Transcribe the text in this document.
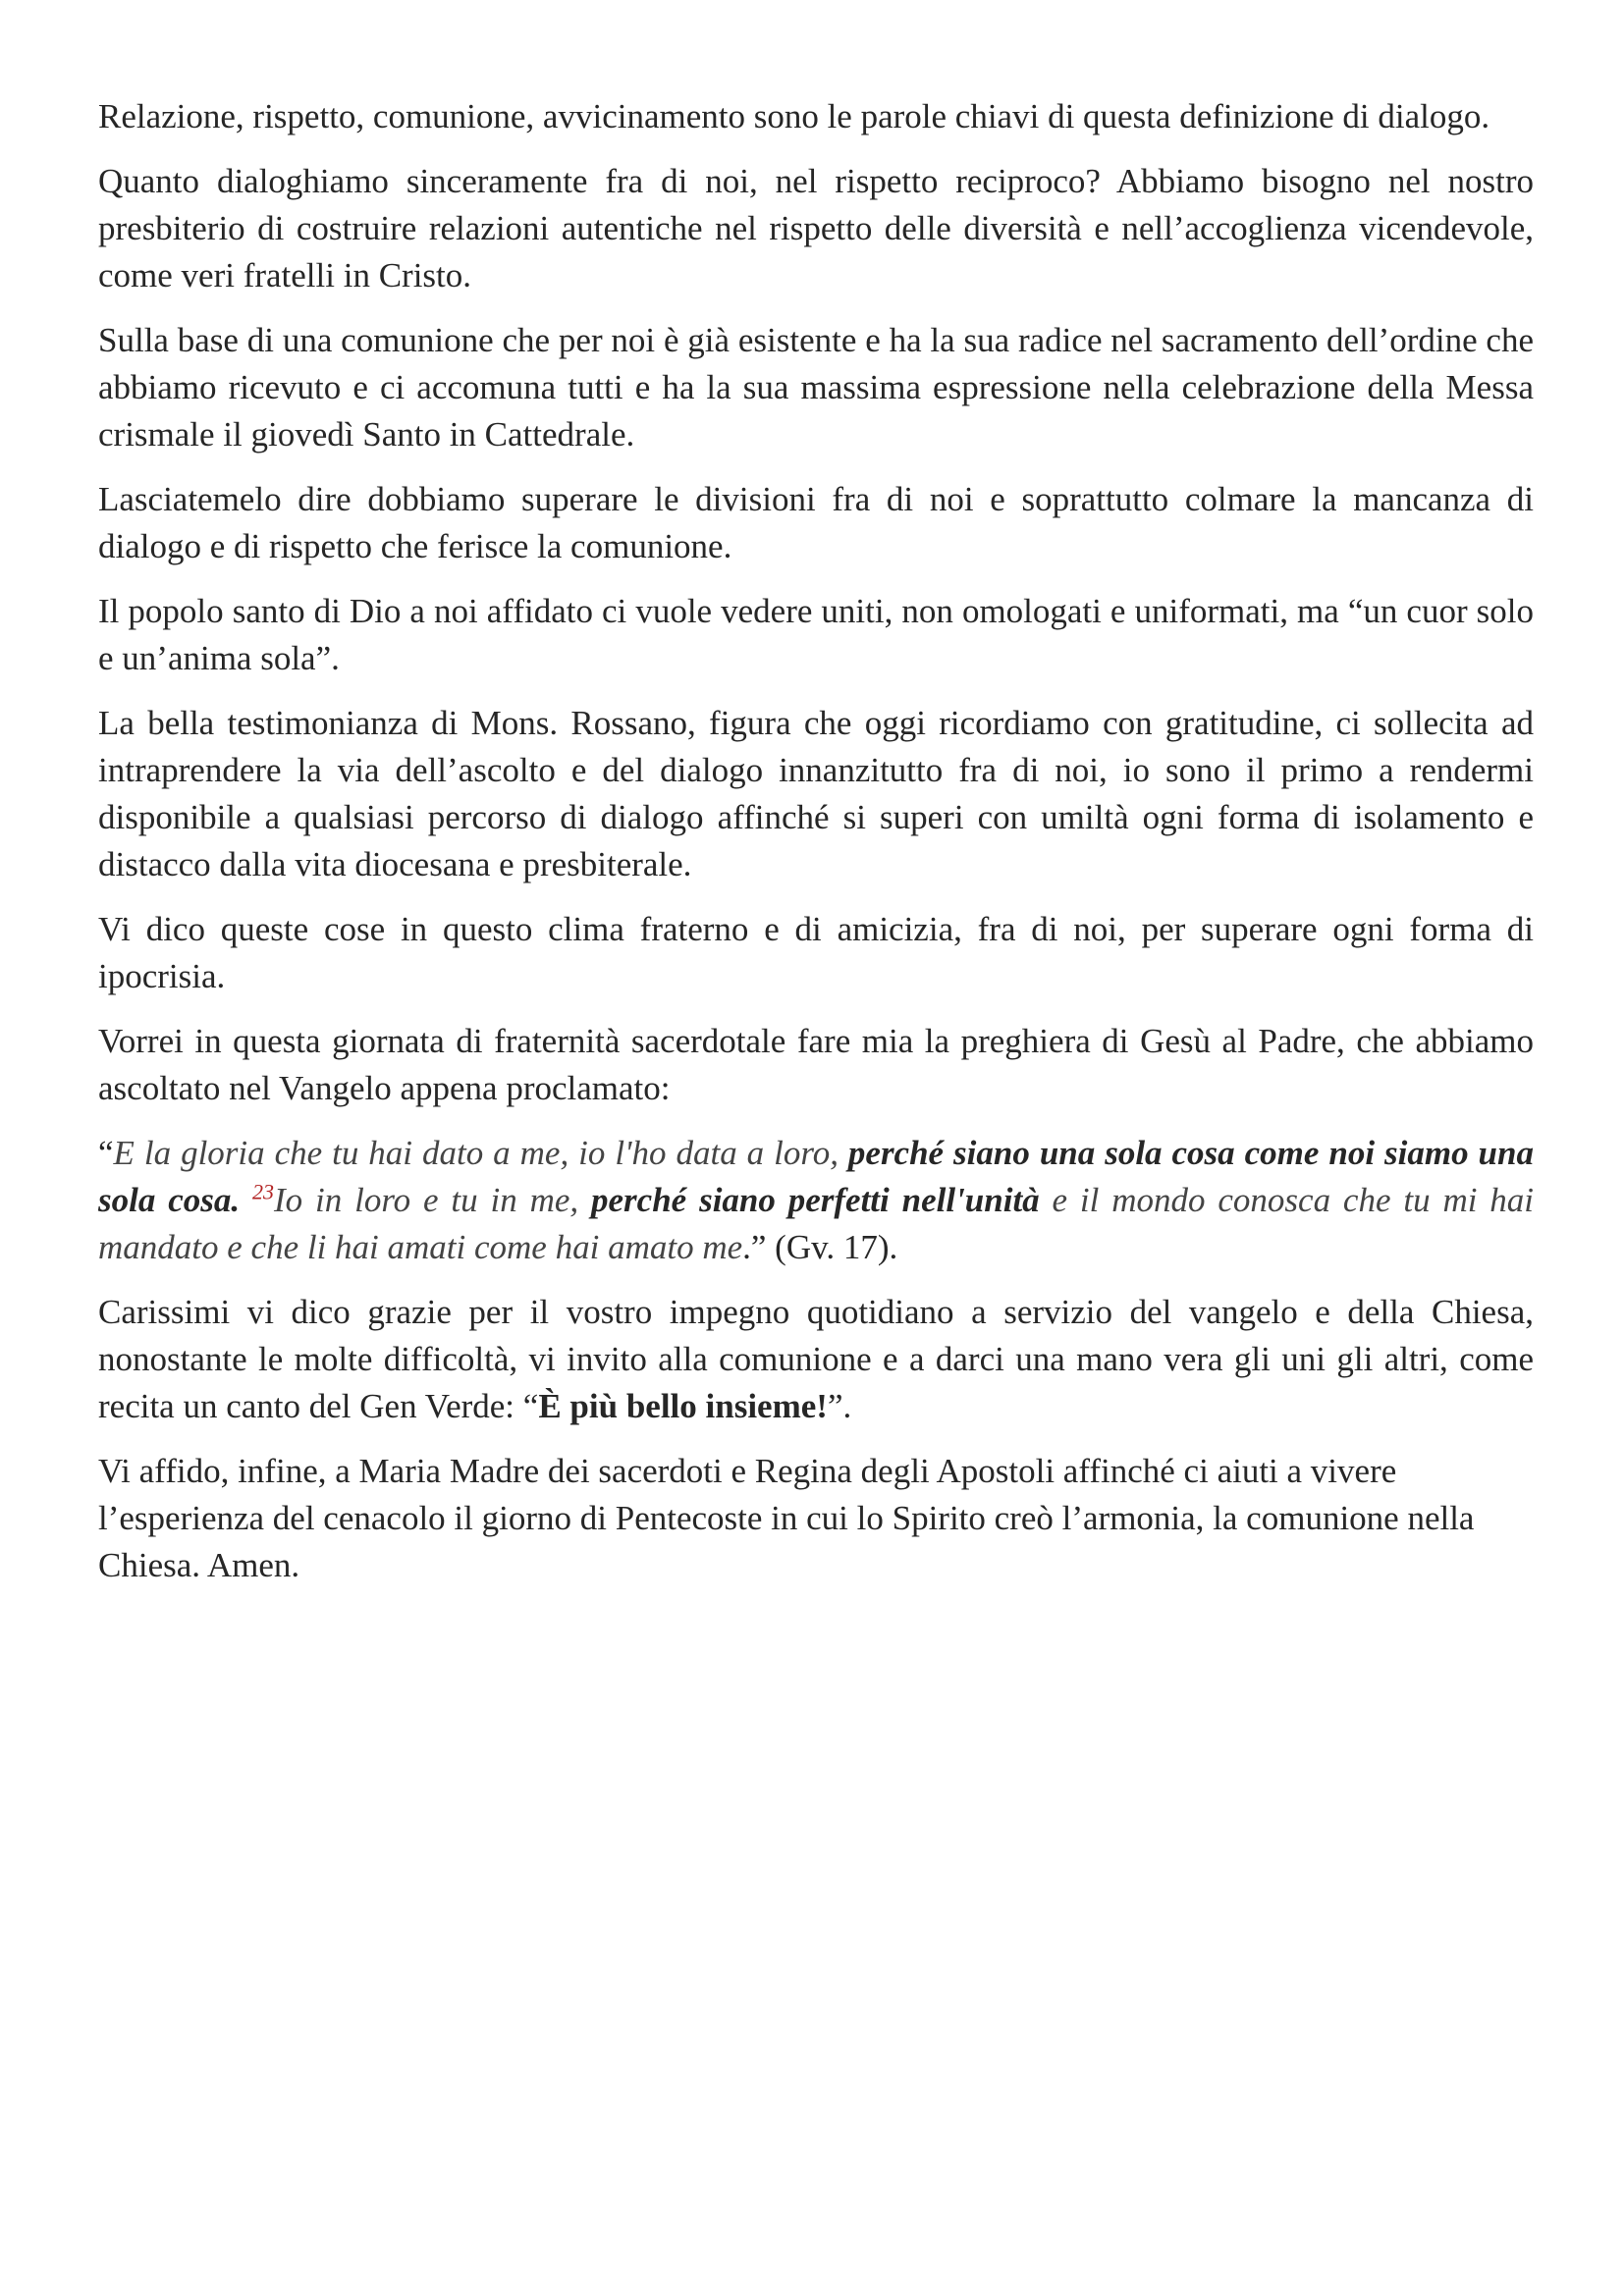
Relazione, rispetto, comunione, avvicinamento sono le parole chiavi di questa definizione di dialogo.

Quanto dialoghiamo sinceramente fra di noi, nel rispetto reciproco? Abbiamo bisogno nel nostro presbiterio di costruire relazioni autentiche nel rispetto delle diversità e nell’accoglienza vicendevole, come veri fratelli in Cristo.

Sulla base di una comunione che per noi è già esistente e ha la sua radice nel sacramento dell’ordine che abbiamo ricevuto e ci accomuna tutti e ha la sua massima espressione nella celebrazione della Messa crismale il giovedì Santo in Cattedrale.

Lasciatemelo dire dobbiamo superare le divisioni fra di noi e soprattutto colmare la mancanza di dialogo e di rispetto che ferisce la comunione.

Il popolo santo di Dio a noi affidato ci vuole vedere uniti, non omologati e uniformati, ma “un cuor solo e un’anima sola”.

La bella testimonianza di Mons. Rossano, figura che oggi ricordiamo con gratitudine, ci sollecita ad intraprendere la via dell’ascolto e del dialogo innanzitutto fra di noi, io sono il primo a rendermi disponibile a qualsiasi percorso di dialogo affinché si superi con umiltà ogni forma di isolamento e distacco dalla vita diocesana e presbiterale.

Vi dico queste cose in questo clima fraterno e di amicizia, fra di noi, per superare ogni forma di ipocrisia.

Vorrei in questa giornata di fraternità sacerdotale fare mia la preghiera di Gesù al Padre, che abbiamo ascoltato nel Vangelo appena proclamato:

“E la gloria che tu hai dato a me, io l'ho data a loro, perché siano una sola cosa come noi siamo una sola cosa. $^{23}$Io in loro e tu in me, perché siano perfetti nell'unità e il mondo conosca che tu mi hai mandato e che li hai amati come hai amato me.” (Gv. 17).

Carissimi vi dico grazie per il vostro impegno quotidiano a servizio del vangelo e della Chiesa, nonostante le molte difficoltà, vi invito alla comunione e a darci una mano vera gli uni gli altri, come recita un canto del Gen Verde: “È più bello insieme!”.

Vi affido, infine, a Maria Madre dei sacerdoti e Regina degli Apostoli affinché ci aiuti a vivere l’esperienza del cenacolo il giorno di Pentecoste in cui lo Spirito creò l’armonia, la comunione nella Chiesa. Amen.
